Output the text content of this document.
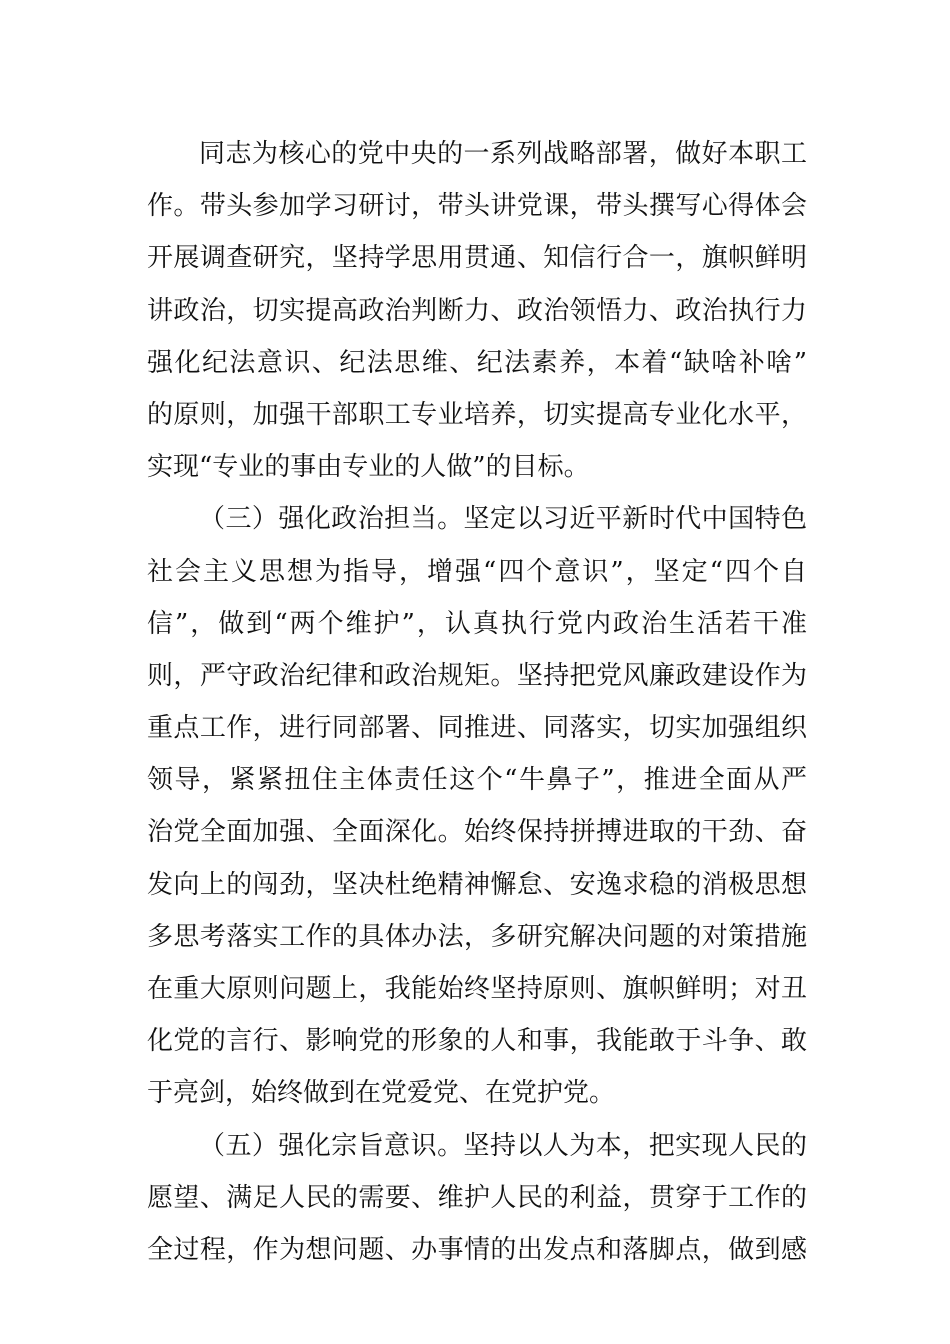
同志为核心的党中央的一系列战略部署，做好本职工
作。带头参加学习研讨，带头讲党课，带头撰写心得体会
开展调查研究，坚持学思用贯通、知信行合一，旗帜鲜明
讲政治，切实提高政治判断力、政治领悟力、政治执行力
强化纪法意识、纪法思维、纪法素养，本着“缺啥补啥”
的原则，加强干部职工专业培养，切实提高专业化水平，
实现“专业的事由专业的人做”的目标。
（三）强化政治担当。坚定以习近平新时代中国特色
社会主义思想为指导，增强“四个意识”，坚定“四个自
信”，做到“两个维护”，认真执行党内政治生活若干准
则，严守政治纪律和政治规矩。坚持把党风廉政建设作为
重点工作，进行同部署、同推进、同落实，切实加强组织
领导，紧紧扭住主体责任这个“牛鼻子”，推进全面从严
治党全面加强、全面深化。始终保持拼搏进取的干劲、奋
发向上的闯劲，坚决杜绝精神懈怠、安逸求稳的消极思想
多思考落实工作的具体办法，多研究解决问题的对策措施
在重大原则问题上，我能始终坚持原则、旗帜鲜明；对丑
化党的言行、影响党的形象的人和事，我能敢于斗争、敢
于亮剑，始终做到在党爱党、在党护党。
（五）强化宗旨意识。坚持以人为本，把实现人民的
愿望、满足人民的需要、维护人民的利益，贯穿于工作的
全过程，作为想问题、办事情的出发点和落脚点，做到感
